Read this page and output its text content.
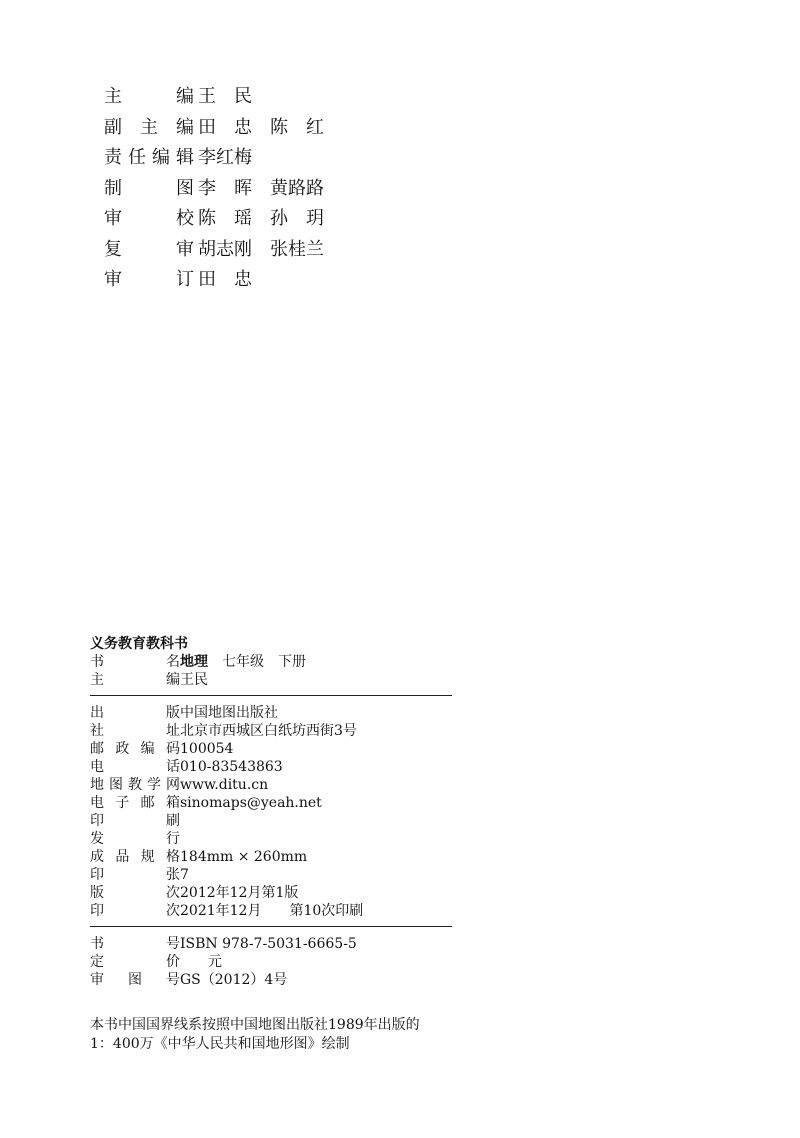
主	编 王　民
副 主 编 田　忠　陈　红
责 任 编 辑 李红梅
制	图 李　晖　黄路路
审	校 陈　瑶　孙　玥
复	审 胡志刚　张桂兰
审	订 田　忠
义务教育教科书
书	名 地理　七年级　下册
主	编 王民
出	版 中国地图出版社
社	址 北京市西城区白纸坊西街3号
邮 政 编 码 100054
电	话 010-83543863
地 图 教 学 网 www.ditu.cn
电 子 邮 箱 sinomaps@yeah.net
印	刷
发	行
成 品 规 格 184mm × 260mm
印	张 7
版	次 2012年12月第1版
印	次 2021年12月　　第10次印刷
书	号 ISBN 978-7-5031-6665-5
定	价 　　元
审 图 号 GS（2012）4号
本书中国国界线系按照中国地图出版社1989年出版的
1：400万《中华人民共和国地形图》绘制
